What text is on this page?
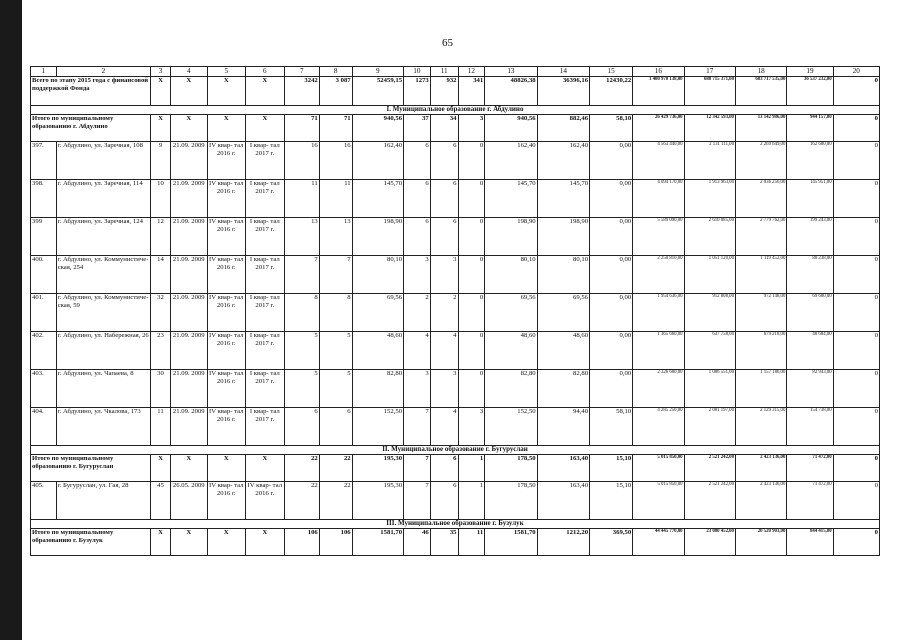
65
1	2	3	4	5	6	7	8	9	10	11	12	13	14	15	16	17	18	19	20
Всего по этапу 2015 года с финансовой поддержкой Фонда		X	X	X	X	3242	3 087	52459,15	1273	932	341	48826,38	36396,16	12430,22	1 400 970 138,00	680 715 371,00	683 717 535,00	36 537 232,00	0
I. Муниципальное образование г. Абдулино																			
Итого по муниципальному образованию г. Абдулино		X	X	X	X	71	71	940,56	37	34	3	940,56	882,46	58,10	26 429 736,00	12 342 593,00	13 142 986,00	944 157,00	0
397.	г. Абдулино, ул. Заречная, 108	9	21.09. 2009	IV квар- тал 2016 г.	I квар- тал 2017 г.	16	16	162,40	6	6	0	162,40	162,40	0,00	4 563 440,00	2 131 111,00	2 269 649,00	162 680,00	0
398.	г. Абдулино, ул. Заречная, 114	10	21.09. 2009	IV квар- тал 2016 г.	I квар- тал 2017 г.	11	11	145,70	6	6	0	145,70	145,70	0,00	4 094 170,00	1 913 963,00	2 036 256,00	145 951,00	0
399	г. Абдулино, ул. Заречная, 124	12	21.09. 2009	IV квар- тал 2016 г.	I квар- тал 2017 г.	13	13	198,90	6	6	0	198,90	198,90	0,00	5 589 090,00	2 610 085,00	2 779 762,00	199 243,00	0
400.	г. Абдулино, ул. Коммунистиче- ская, 254	14	21.09. 2009	IV квар- тал 2016 г.	I квар- тал 2017 г.	7	7	80,10	3	3	0	80,10	80,10	0,00	2 250 810,00	1 051 120,00	1 119 452,00	80 238,00	0
401.	г. Абдулино, ул. Коммунистиче- ская, 59	32	21.09. 2009	IV квар- тал 2016 г.	I квар- тал 2017 г.	8	8	69,56	2	2	0	69,56	69,56	0,00	1 954 636,00	912 808,00	972 148,00	69 680,00	0
402.	г. Абдулино, ул. Набережная, 26	23	21.09. 2009	IV квар- тал 2016 г.	I квар- тал 2017 г.	5	5	48,60	4	4	0	48,60	48,60	0,00	1 365 660,00	637 758,00	679 218,00	48 684,00	0
403.	г. Абдулино, ул. Чапаева, 8	30	21.09. 2009	IV квар- тал 2016 г.	I квар- тал 2017 г.	5	5	82,80	3	3	0	82,80	82,80	0,00	2 326 680,00	1 086 551,00	1 157 186,00	82 943,00	0
404.	г. Абдулино, ул. Чкалова, 173	11	21.09. 2009	IV квар- тал 2016 г.	I квар- тал 2017 г.	6	6	152,50	7	4	3	152,50	94,40	58,10	4 285 250,00	2 001 197,00	2 129 315,00	154 738,00	0
II. Муниципальное образование г. Бугуруслан																			
Итого по муниципальному образованию г. Бугуруслан		X	X	X	X	22	22	195,30	7	6	1	178,50	163,40	15,10	5 015 850,00	2 521 242,00	2 423 136,00	71 472,00	0
405.	г. Бугуруслан, ул. Гая, 28	45	26.05. 2009	IV квар- тал 2016 г.	IV квар- тал 2016 г.	22	22	195,30	7	6	1	178,50	163,40	15,10	5 015 850,00	2 521 242,00	2 423 136,00	71 472,00	0
III. Муниципальное образование г. Бузулук																			
Итого по муниципальному образованию г. Бузулук		X	X	X	X	106	106	1581,70	46	35	11	1581,70	1212,20	369,50	44 445 770,00	23 080 452,00	20 520 903,00	844 415,00	0
